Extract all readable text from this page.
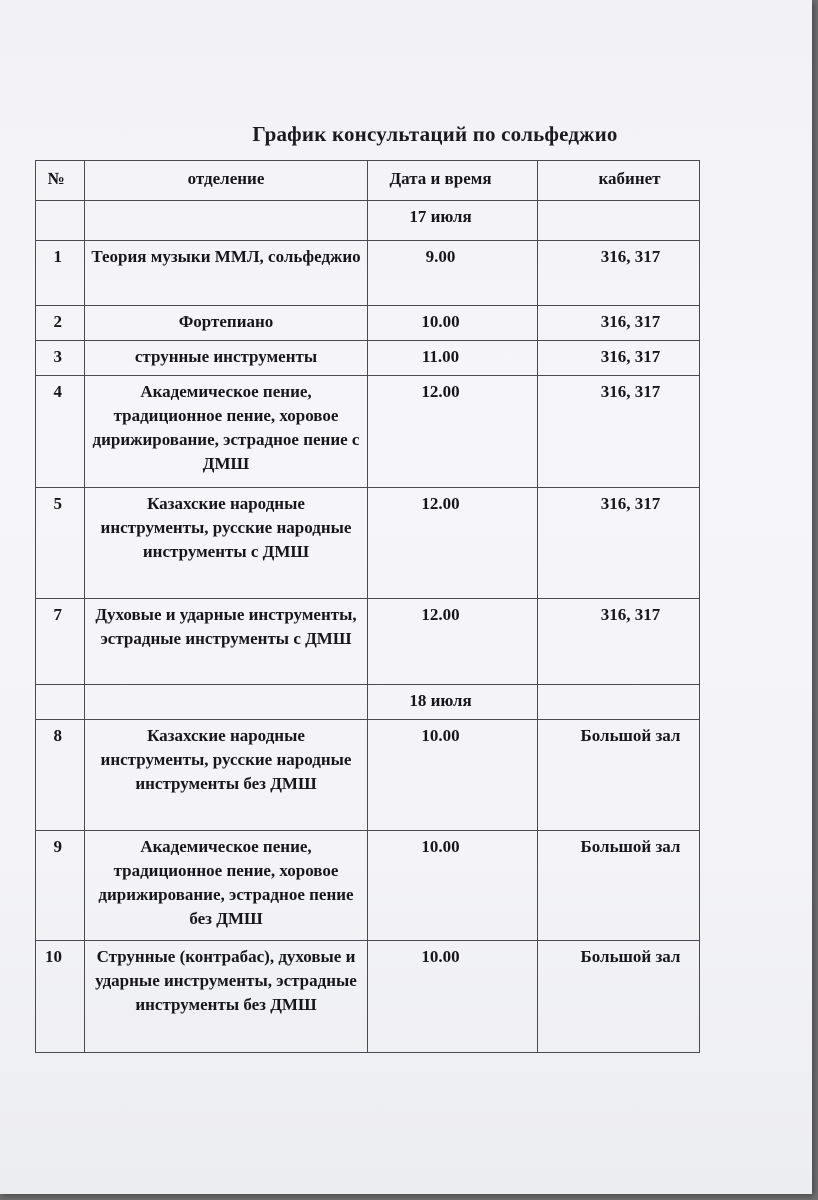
График консультаций по сольфеджио
№	отделение	Дата и время	кабинет
		17 июля	
1	Теория музыки ММЛ, сольфеджио	9.00	316, 317
2	Фортепиано	10.00	316, 317
3	струнные инструменты	11.00	316, 317
4	Академическое пение, традиционное пение, хоровое дирижирование, эстрадное пение с ДМШ	12.00	316, 317
5	Казахские народные инструменты, русские народные инструменты с ДМШ	12.00	316, 317
7	Духовые и ударные инструменты, эстрадные инструменты с ДМШ	12.00	316, 317
		18 июля	
8	Казахские народные инструменты, русские народные инструменты без ДМШ	10.00	Большой зал
9	Академическое пение, традиционное пение, хоровое дирижирование, эстрадное пение без ДМШ	10.00	Большой зал
10	Струнные (контрабас), духовые и ударные инструменты, эстрадные инструменты без ДМШ	10.00	Большой зал
